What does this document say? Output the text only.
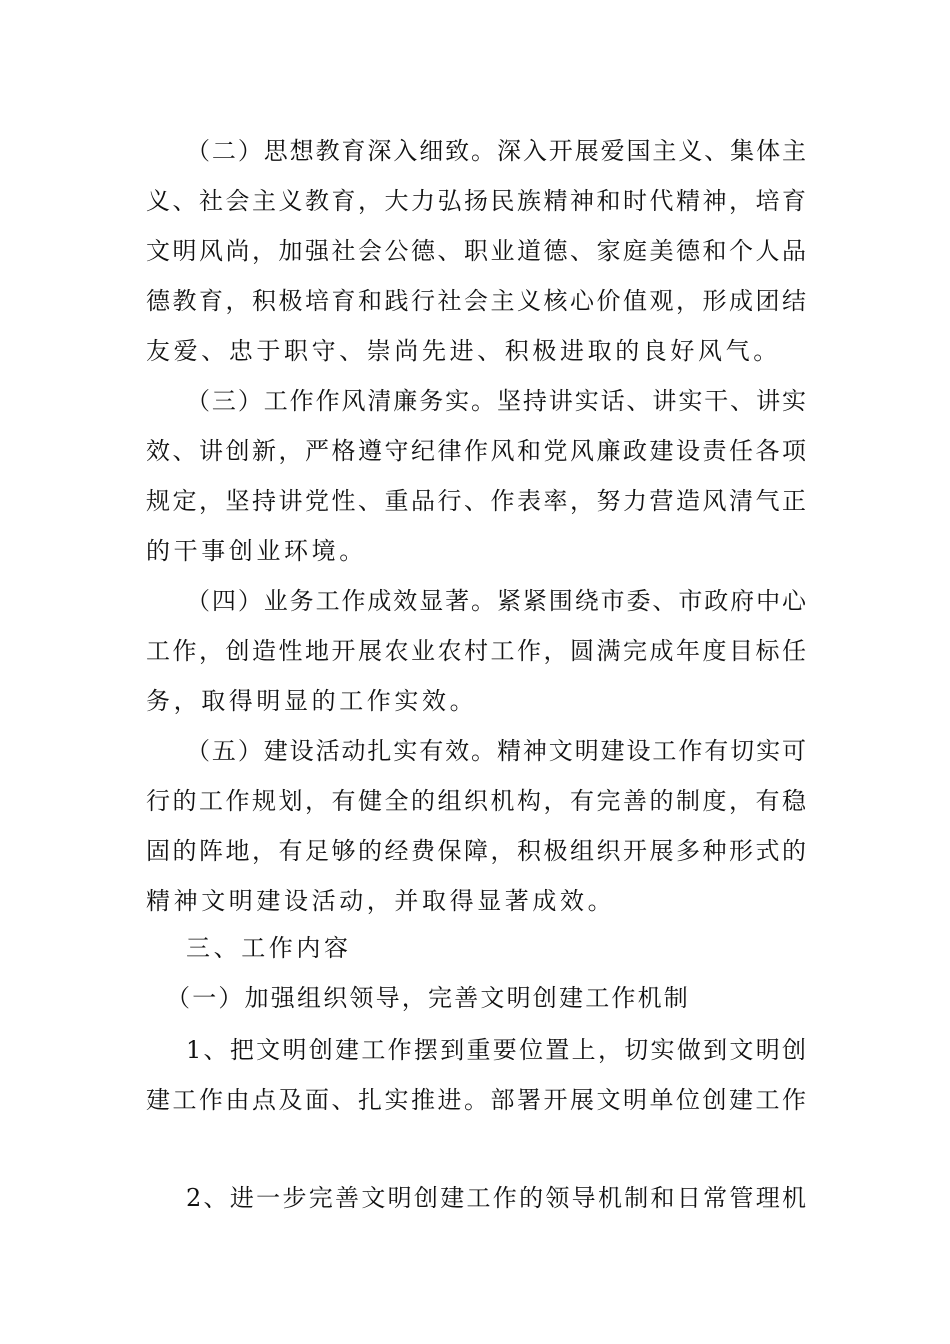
（二）思想教育深入细致。深入开展爱国主义、集体主
义、社会主义教育，大力弘扬民族精神和时代精神，培育
文明风尚，加强社会公德、职业道德、家庭美德和个人品
德教育，积极培育和践行社会主义核心价值观，形成团结
友爱、忠于职守、崇尚先进、积极进取的良好风气。
（三）工作作风清廉务实。坚持讲实话、讲实干、讲实
效、讲创新，严格遵守纪律作风和党风廉政建设责任各项
规定，坚持讲党性、重品行、作表率，努力营造风清气正
的干事创业环境。
（四）业务工作成效显著。紧紧围绕市委、市政府中心
工作，创造性地开展农业农村工作，圆满完成年度目标任
务，取得明显的工作实效。
（五）建设活动扎实有效。精神文明建设工作有切实可
行的工作规划，有健全的组织机构，有完善的制度，有稳
固的阵地，有足够的经费保障，积极组织开展多种形式的
精神文明建设活动，并取得显著成效。
三、工作内容
（一）加强组织领导，完善文明创建工作机制
1、把文明创建工作摆到重要位置上，切实做到文明创
建工作由点及面、扎实推进。部署开展文明单位创建工作
2、进一步完善文明创建工作的领导机制和日常管理机
